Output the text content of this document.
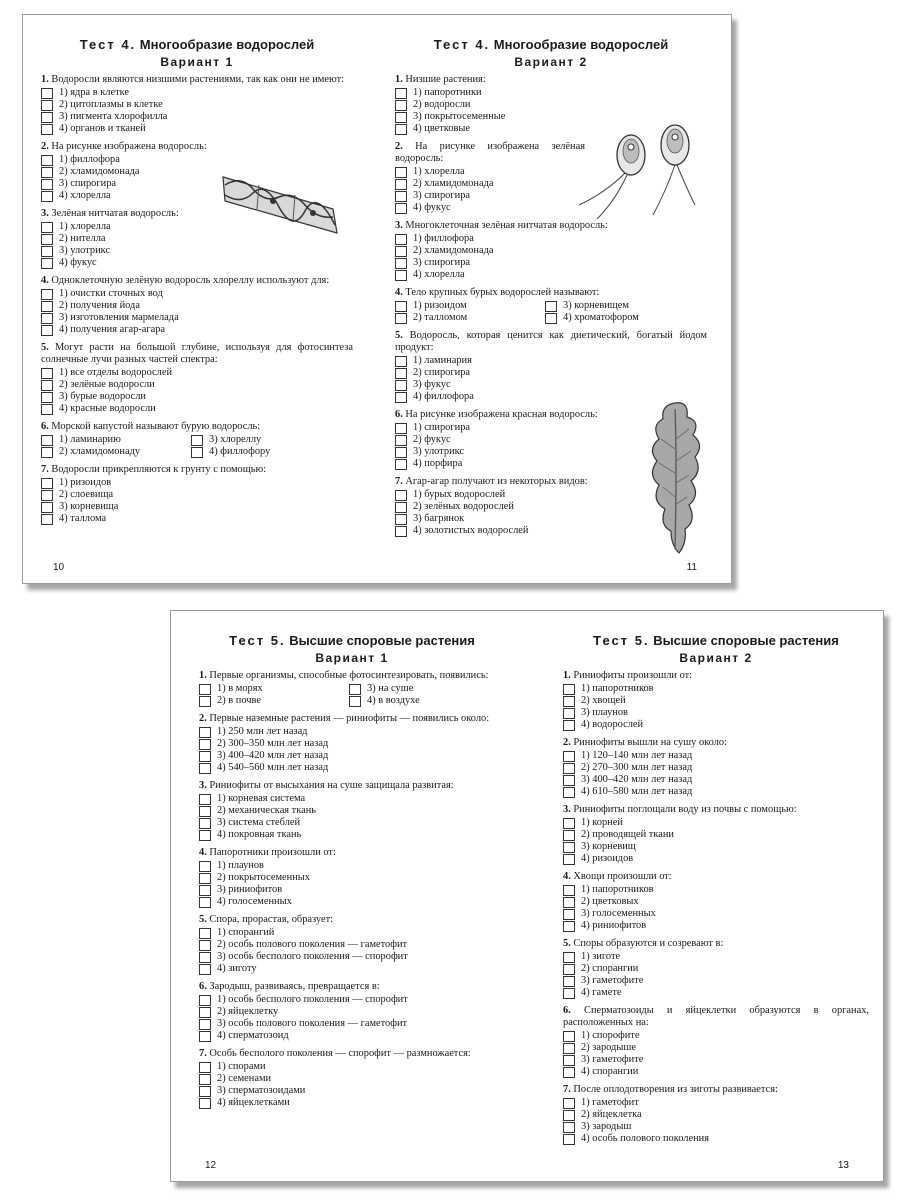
Тест 4. Многообразие водорослей
Вариант 1
1. Водоросли являются низшими растениями, так как они не имеют:
1) ядра в клетке
2) цитоплазмы в клетке
3) пигмента хлорофилла
4) органов и тканей
2. На рисунке изображена водоросль:
1) филлофора
2) хламидомонада
3) спирогира
4) хлорелла
3. Зелёная нитчатая водоросль:
1) хлорелла
2) нителла
3) улотрикс
4) фукус
4. Одноклеточную зелёную водоросль хлореллу используют для:
1) очистки сточных вод
2) получения йода
3) изготовления мармелада
4) получения агар-агара
5. Могут расти на большой глубине, используя для фотосинтеза солнечные лучи разных частей спектра:
1) все отделы водорослей
2) зелёные водоросли
3) бурые водоросли
4) красные водоросли
6. Морской капустой называют бурую водоросль:
1) ламинарию	3) хлореллу
2) хламидомонаду	4) филлофору
7. Водоросли прикрепляются к грунту с помощью:
1) ризоидов
2) слоевища
3) корневища
4) таллома
10
Тест 4. Многообразие водорослей
Вариант 2
1. Низшие растения:
1) папоротники
2) водоросли
3) покрытосеменные
4) цветковые
2. На рисунке изображена зелёная водоросль:
1) хлорелла
2) хламидомонада
3) спирогира
4) фукус
3. Многоклеточная зелёная нитчатая водоросль:
1) филлофора
2) хламидомонада
3) спирогира
4) хлорелла
4. Тело крупных бурых водорослей называют:
1) ризоидом	3) корневищем
2) талломом	4) хроматофором
5. Водоросль, которая ценится как диетический, богатый йодом продукт:
1) ламинария
2) спирогира
3) фукус
4) филлофора
6. На рисунке изображена красная водоросль:
1) спирогира
2) фукус
3) улотрикс
4) порфира
7. Агар-агар получают из некоторых видов:
1) бурых водорослей
2) зелёных водорослей
3) багрянок
4) золотистых водорослей
11
Тест 5. Высшие споровые растения
Вариант 1
1. Первые организмы, способные фотосинтезировать, появились:
1) в морях	3) на суше
2) в почве	4) в воздухе
2. Первые наземные растения — риниофиты — появились около:
1) 250 млн лет назад
2) 300–350 млн лет назад
3) 400–420 млн лет назад
4) 540–560 млн лет назад
3. Риниофиты от высыхания на суше защищала развитая:
1) корневая система
2) механическая ткань
3) система стеблей
4) покровная ткань
4. Папоротники произошли от:
1) плаунов
2) покрытосеменных
3) риниофитов
4) голосеменных
5. Спора, прорастая, образует:
1) спорангий
2) особь полового поколения — гаметофит
3) особь бесполого поколения — спорофит
4) зиготу
6. Зародыш, развиваясь, превращается в:
1) особь бесполого поколения — спорофит
2) яйцеклетку
3) особь полового поколения — гаметофит
4) сперматозоид
7. Особь бесполого поколения — спорофит — размножается:
1) спорами
2) семенами
3) сперматозоидами
4) яйцеклетками
12
Тест 5. Высшие споровые растения
Вариант 2
1. Риниофиты произошли от:
1) папоротников
2) хвощей
3) плаунов
4) водорослей
2. Риниофиты вышли на сушу около:
1) 120–140 млн лет назад
2) 270–300 млн лет назад
3) 400–420 млн лет назад
4) 610–580 млн лет назад
3. Риниофиты поглощали воду из почвы с помощью:
1) корней
2) проводящей ткани
3) корневищ
4) ризоидов
4. Хвощи произошли от:
1) папоротников
2) цветковых
3) голосеменных
4) риниофитов
5. Споры образуются и созревают в:
1) зиготе
2) спорангии
3) гаметофите
4) гамете
6. Сперматозоиды и яйцеклетки образуются в органах, расположенных на:
1) спорофите
2) зародыше
3) гаметофите
4) спорангии
7. После оплодотворения из зиготы развивается:
1) гаметофит
2) яйцеклетка
3) зародыш
4) особь полового поколения
13
